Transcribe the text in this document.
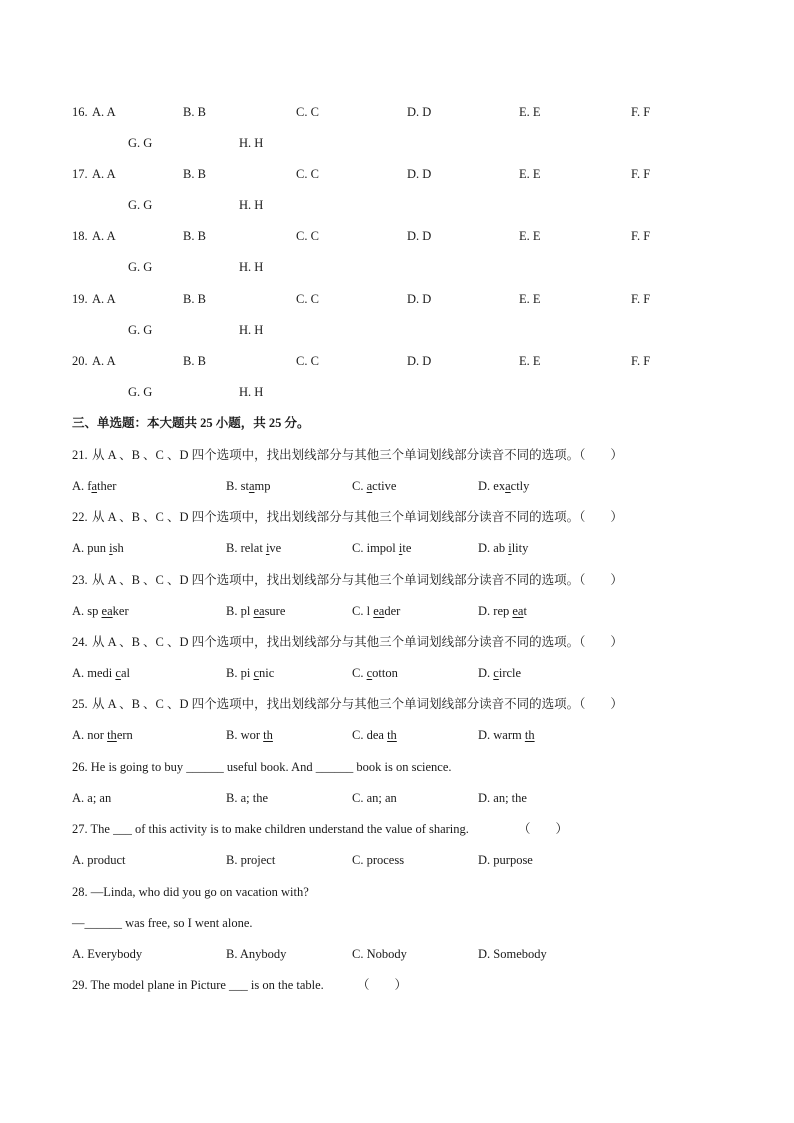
16. A. A	B. B	C. C	D. D	E. E	F. F
G. G	H. H
17. A. A	B. B	C. C	D. D	E. E	F. F
G. G	H. H
18. A. A	B. B	C. C	D. D	E. E	F. F
G. G	H. H
19. A. A	B. B	C. C	D. D	E. E	F. F
G. G	H. H
20. A. A	B. B	C. C	D. D	E. E	F. F
G. G	H. H
三、单选题：本大题共 25 小题，共 25 分。
21. 从 A 、B 、C 、D 四个选项中，找出划线部分与其他三个单词划线部分读音不同的选项。（　　）
A. father	B. stamp	C. active	D. exactly
22. 从 A 、B 、C 、D 四个选项中，找出划线部分与其他三个单词划线部分读音不同的选项。（　　）
A. pun ish	B. relat ive	C. impol ite	D. ab ility
23. 从 A 、B 、C 、D 四个选项中，找出划线部分与其他三个单词划线部分读音不同的选项。（　　）
A. sp eaker	B. pl easure	C. l eader	D. rep eat
24. 从 A 、B 、C 、D 四个选项中，找出划线部分与其他三个单词划线部分读音不同的选项。（　　）
A. medi cal	B. pi cnic	C. cotton	D. circle
25. 从 A 、B 、C 、D 四个选项中，找出划线部分与其他三个单词划线部分读音不同的选项。（　　）
A. nor thern	B. wor th	C. dea th	D. warm th
26. He is going to buy ______ useful book. And ______ book is on science.
A. a; an	B. a; the	C. an; an	D. an; the
27. The ___ of this activity is to make children understand the value of sharing.	（　　）
A. product	B. project	C. process	D. purpose
28. —Linda, who did you go on vacation with?
—______ was free, so I went alone.
A. Everybody	B. Anybody	C. Nobody	D. Somebody
29. The model plane in Picture ___ is on the table.	（　　）
